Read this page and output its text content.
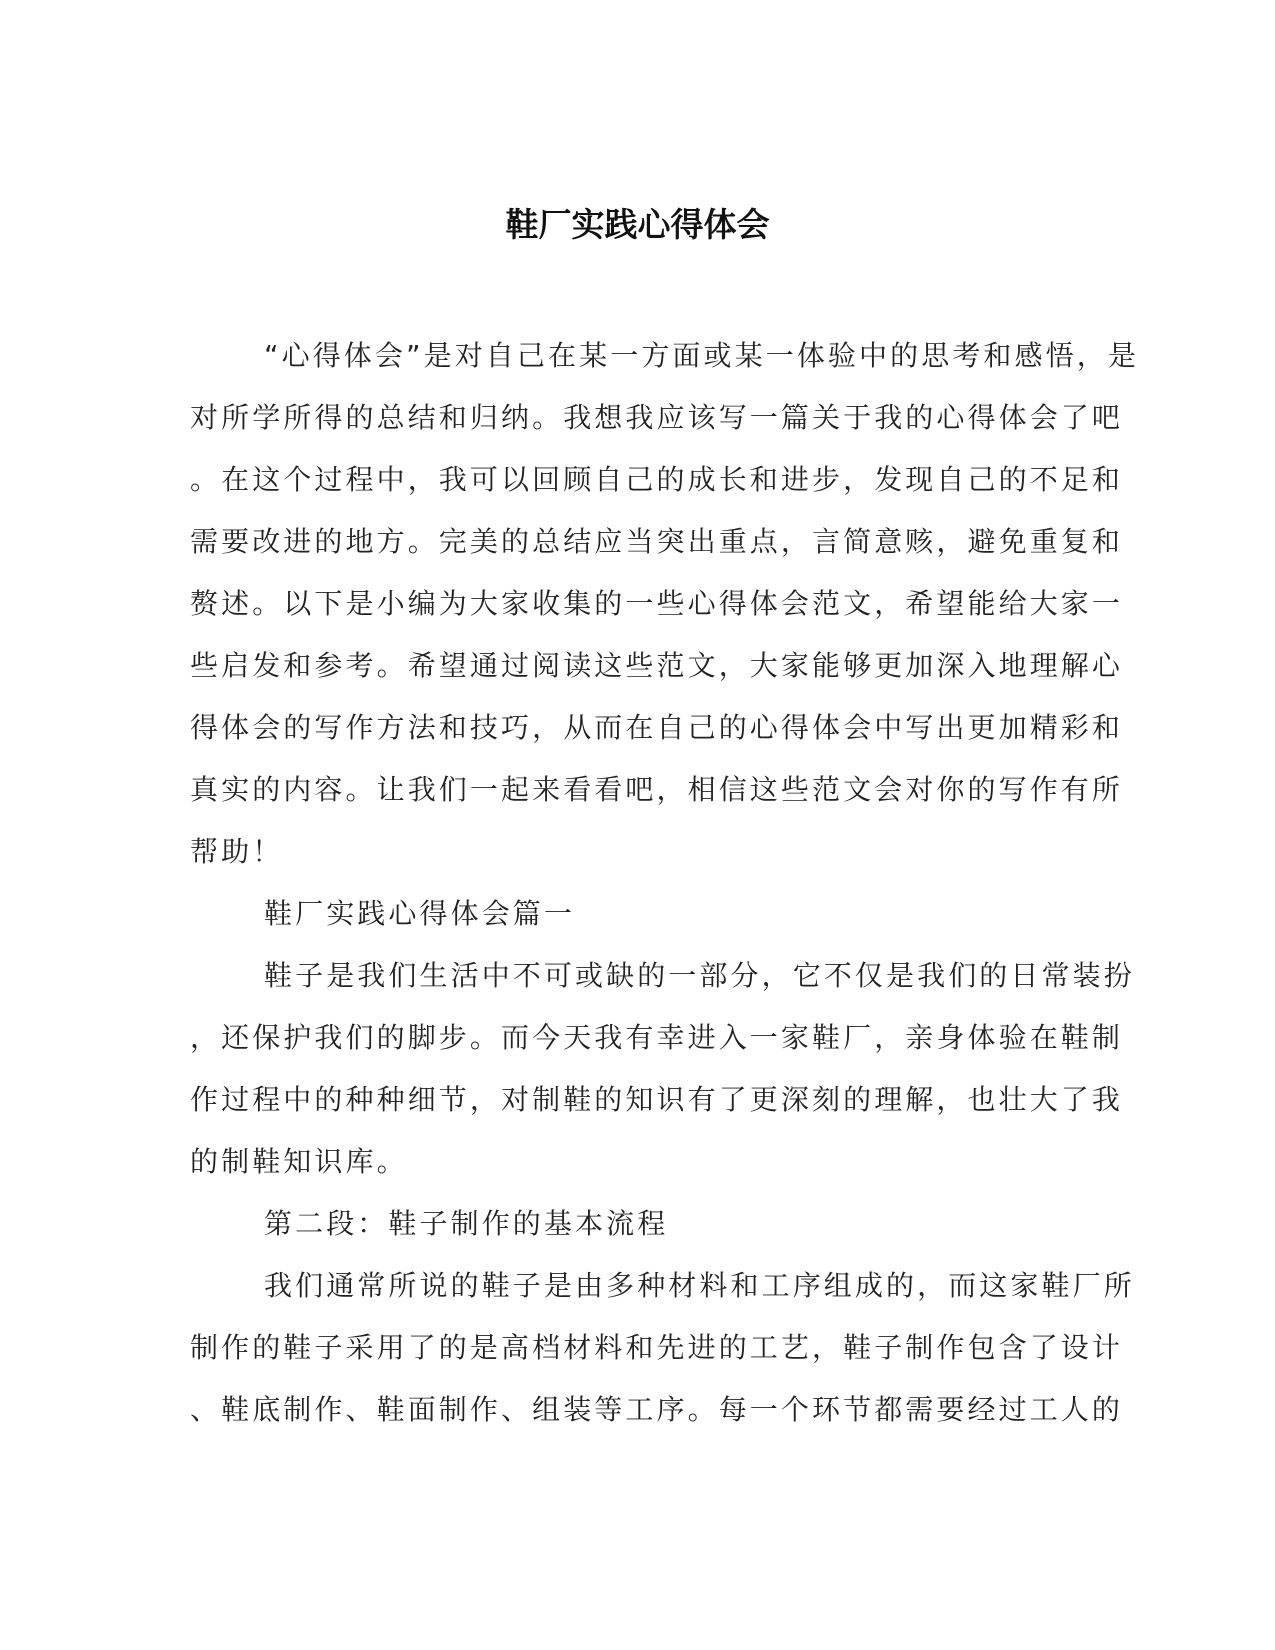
鞋厂实践心得体会
“心得体会”是对自己在某一方面或某一体验中的思考和感悟，是
对所学所得的总结和归纳。我想我应该写一篇关于我的心得体会了吧
。在这个过程中，我可以回顾自己的成长和进步，发现自己的不足和
需要改进的地方。完美的总结应当突出重点，言简意赅，避免重复和
赘述。以下是小编为大家收集的一些心得体会范文，希望能给大家一
些启发和参考。希望通过阅读这些范文，大家能够更加深入地理解心
得体会的写作方法和技巧，从而在自己的心得体会中写出更加精彩和
真实的内容。让我们一起来看看吧，相信这些范文会对你的写作有所
帮助！
鞋厂实践心得体会篇一
鞋子是我们生活中不可或缺的一部分，它不仅是我们的日常装扮
，还保护我们的脚步。而今天我有幸进入一家鞋厂，亲身体验在鞋制
作过程中的种种细节，对制鞋的知识有了更深刻的理解，也壮大了我
的制鞋知识库。
第二段：鞋子制作的基本流程
我们通常所说的鞋子是由多种材料和工序组成的，而这家鞋厂所
制作的鞋子采用了的是高档材料和先进的工艺，鞋子制作包含了设计
、鞋底制作、鞋面制作、组装等工序。每一个环节都需要经过工人的
